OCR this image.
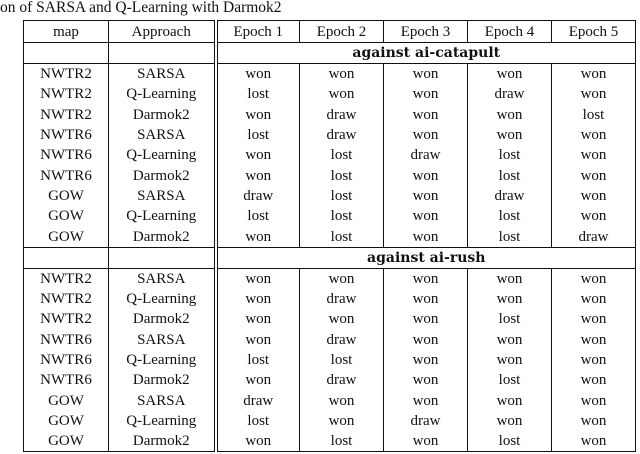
on of SARSA and Q-Learning with Darmok2
map	Approach	Epoch 1	Epoch 2	Epoch 3	Epoch 4	Epoch 5
		against ai-catapult				
NWTR2	SARSA	won	won	won	won	won
NWTR2	Q-Learning	lost	won	won	draw	won
NWTR2	Darmok2	won	draw	won	won	lost
NWTR6	SARSA	lost	draw	won	won	won
NWTR6	Q-Learning	won	lost	draw	lost	won
NWTR6	Darmok2	won	lost	won	lost	won
GOW	SARSA	draw	lost	won	draw	won
GOW	Q-Learning	lost	lost	won	lost	won
GOW	Darmok2	won	lost	won	lost	draw
		against ai-rush				
NWTR2	SARSA	won	won	won	won	won
NWTR2	Q-Learning	won	draw	won	won	won
NWTR2	Darmok2	won	won	won	lost	won
NWTR6	SARSA	won	draw	won	won	won
NWTR6	Q-Learning	lost	lost	won	won	won
NWTR6	Darmok2	won	draw	won	lost	won
GOW	SARSA	draw	won	won	won	won
GOW	Q-Learning	lost	won	draw	won	won
GOW	Darmok2	won	lost	won	lost	won
